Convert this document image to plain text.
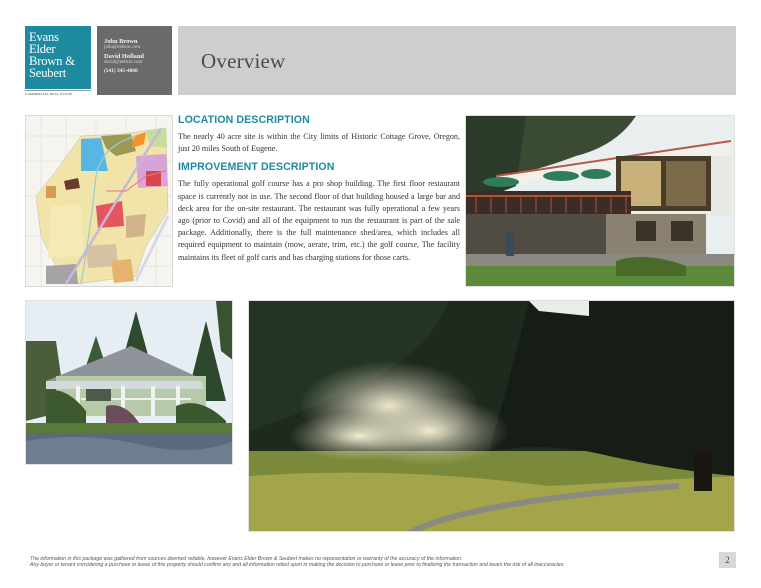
Evans
Elder
Brown &
Seubert
COMMERCIAL REAL ESTATE
John Brown
john@eebsre.com
David Holland
david@eebsre.com
(541) 345-4860	Overview
LOCATION DESCRIPTION

The nearly 40 acre site is within the City limits of Historic Cottage Grove, Oregon, just 20 miles South of Eugene.

IMPROVEMENT DESCRIPTION

The fully operational golf course has a pro shop building. The first floor restaurant space is currently not in use. The second floor of that building housed a large bar and deck area for the on-site restaurant. The restaurant was fully operational a few years ago (prior to Covid) and all of the equipment to run the restaurant is part of the sale package. Additionally, there is the full maintenance shed/area, which includes all required equipment to maintain (mow, aerate, trim, etc.) the golf course, The facility maintains its fleet of golf carts and has charging stations for those carts.

The information in this package was gathered from sources deemed reliable, however Evans Elder Brown & Seubert makes no representation or warranty of the accuracy of the information.
Any buyer or tenant considering a purchase or lease of this property should confirm any and all information relied upon in making the decision to purchase or lease prior to finalizing the transaction and bears the risk of all inaccuracies.
2
